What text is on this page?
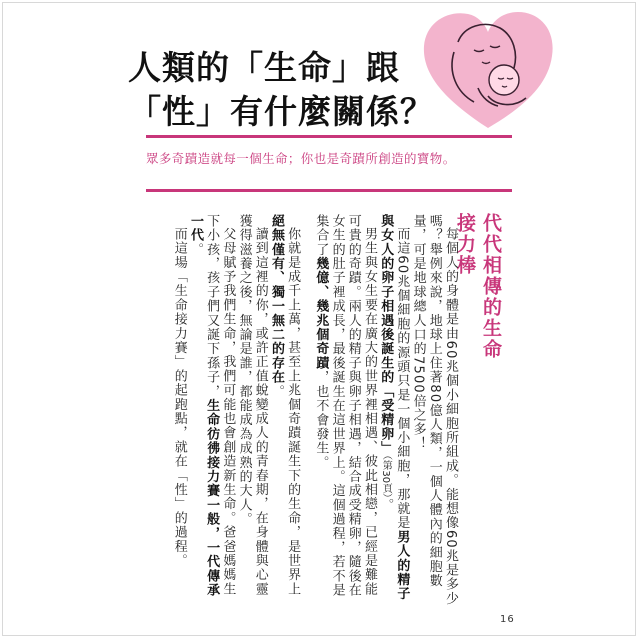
人類的「生命」跟
「性」有什麼關係？
眾多奇蹟造就每一個生命；你也是奇蹟所創造的寶物。
代代相傳的生命
接力棒

每個人的身體是由60兆個小細胞所組成。能想像60兆是多少嗎？舉例來說，地球上住著80億人類，一個人體內的細胞數量，可是地球總人口的7500倍之多！

而這60兆個細胞的源頭只是一個小細胞，那就是男人的精子與女人的卵子相遇後誕生的「受精卵」（第30頁）。

男生與女生要在廣大的世界裡相遇、彼此相戀，已經是難能可貴的奇蹟。兩人的精子與卵子相遇，結合成受精卵，隨後在女生的肚子裡成長，最後誕生在這世界上。這個過程，若不是集合了幾億、幾兆個奇蹟，也不會發生。

你就是成千上萬，甚至上兆個奇蹟誕生下的生命，是世界上絕無僅有、獨一無二的存在。

讀到這裡的你，或許正值蛻變成人的青春期，在身體與心靈獲得滋養之後，無論是誰，都能成為成熟的大人。

父母賦予我們生命，我們可能也會創造新生命。爸爸媽媽生下小孩，孩子們又誕下孫子，生命彷彿接力賽一般，一代傳承一代。

而這場「生命接力賽」的起跑點，就在「性」的過程。

16
